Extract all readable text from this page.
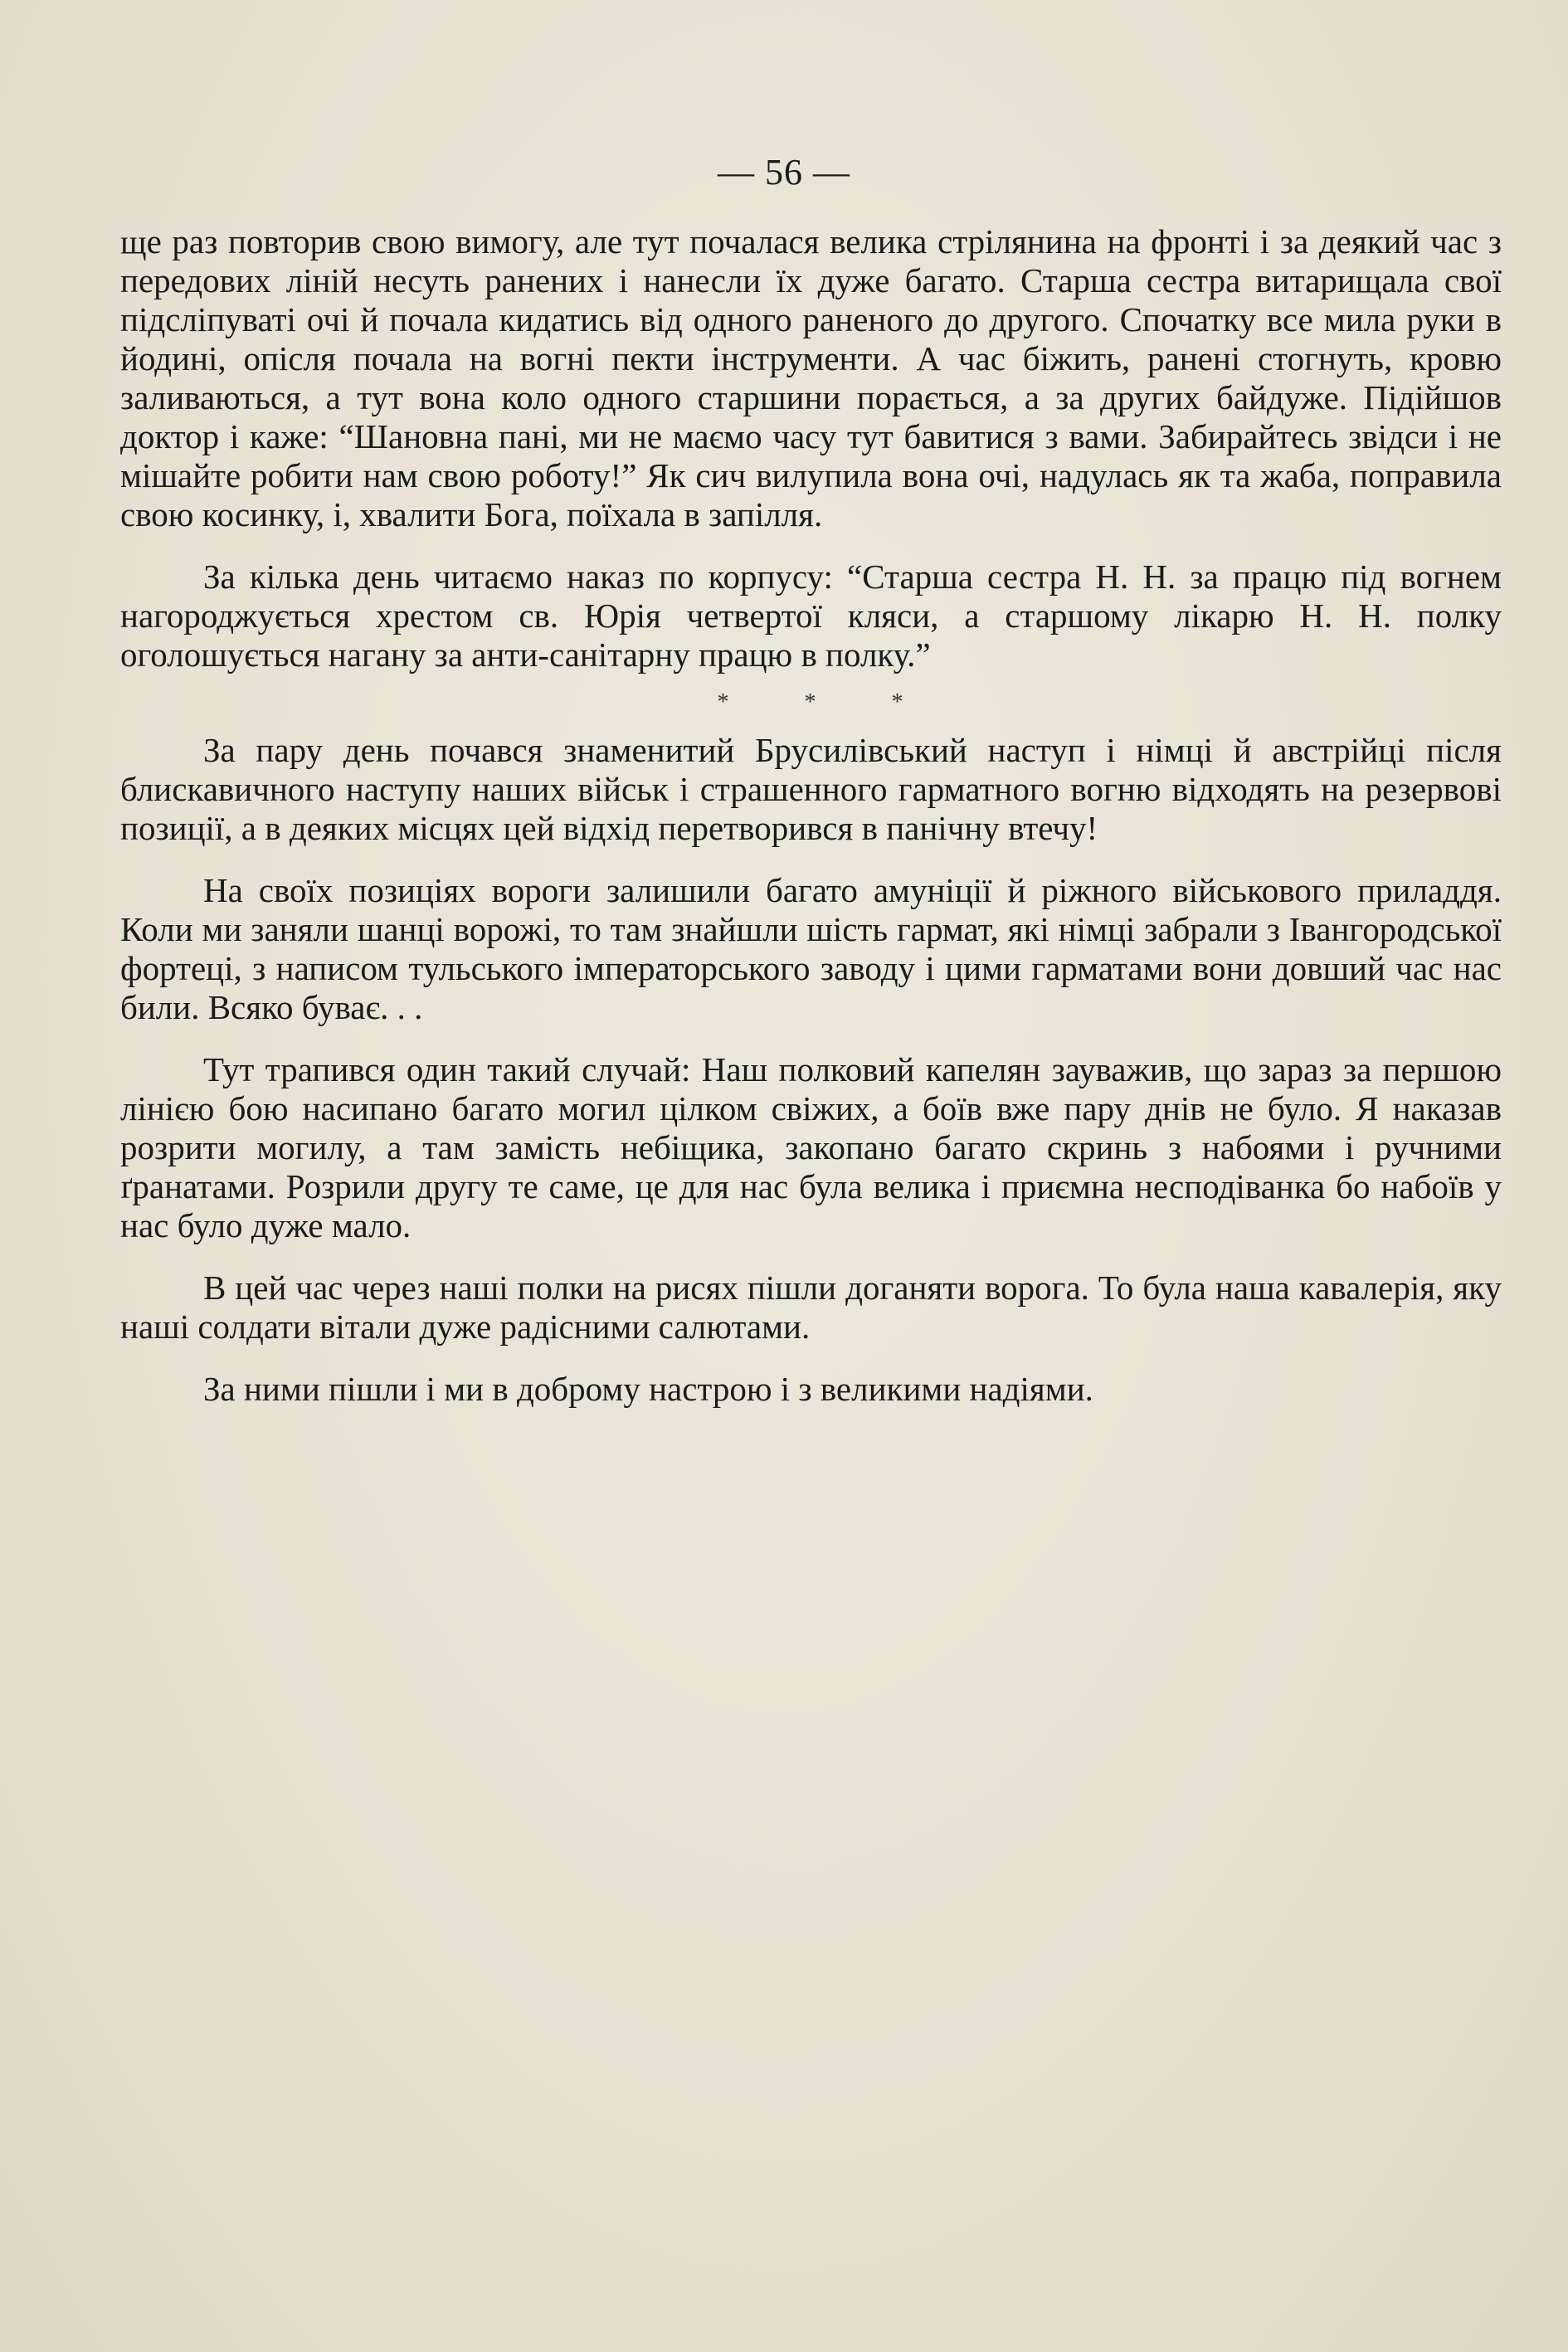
— 56 —

ще раз повторив свою вимогу, але тут почалася велика стрілянина на фронті і за деякий час з передових ліній несуть ранених і нанесли їх дуже багато. Старша сестра витарищала свої підсліпуваті очі й почала кидатись від одного раненого до другого. Спочатку все мила руки в йодині, опісля почала на вогні пекти інструменти. А час біжить, ранені стогнуть, кровю заливаються, а тут вона коло одного старшини порається, а за других байдуже. Підійшов доктор і каже: “Шановна пані, ми не маємо часу тут бавитися з вами. Забирайтесь звідси і не мішайте робити нам свою роботу!” Як сич вилупила вона очі, надулась як та жаба, поправила свою косинку, і, хвалити Бога, поїхала в запілля.

За кілька день читаємо наказ по корпусу: “Старша сестра Н. Н. за працю під вогнем нагороджується хрестом св. Юрія четвертої кляси, а старшому лікарю Н. Н. полку оголошується нагану за анти-санітарну працю в полку.”

* * *

За пару день почався знаменитий Брусилівський наступ і німці й австрійці після блискавичного наступу наших військ і страшенного гарматного вогню відходять на резервові позиції, а в деяких місцях цей відхід перетворився в панічну втечу!

На своїх позиціях вороги залишили багато амуніції й ріжного військового приладдя. Коли ми заняли шанці ворожі, то там знайшли шість гармат, які німці забрали з Івангородської фортеці, з написом тульського імператорського заводу і цими гарматами вони довший час нас били. Всяко буває. . .

Тут трапився один такий случай: Наш полковий капелян зауважив, що зараз за першою лінією бою насипано багато могил цілком свіжих, а боїв вже пару днів не було. Я наказав розрити могилу, а там замість небіщика, закопано багато скринь з набоями і ручними ґранатами. Розрили другу те саме, це для нас була велика і приємна несподіванка бо набоїв у нас було дуже мало.

В цей час через наші полки на рисях пішли доганяти ворога. То була наша кавалерія, яку наші солдати вітали дуже радісними салютами.

За ними пішли і ми в доброму настрою і з великими надіями.
